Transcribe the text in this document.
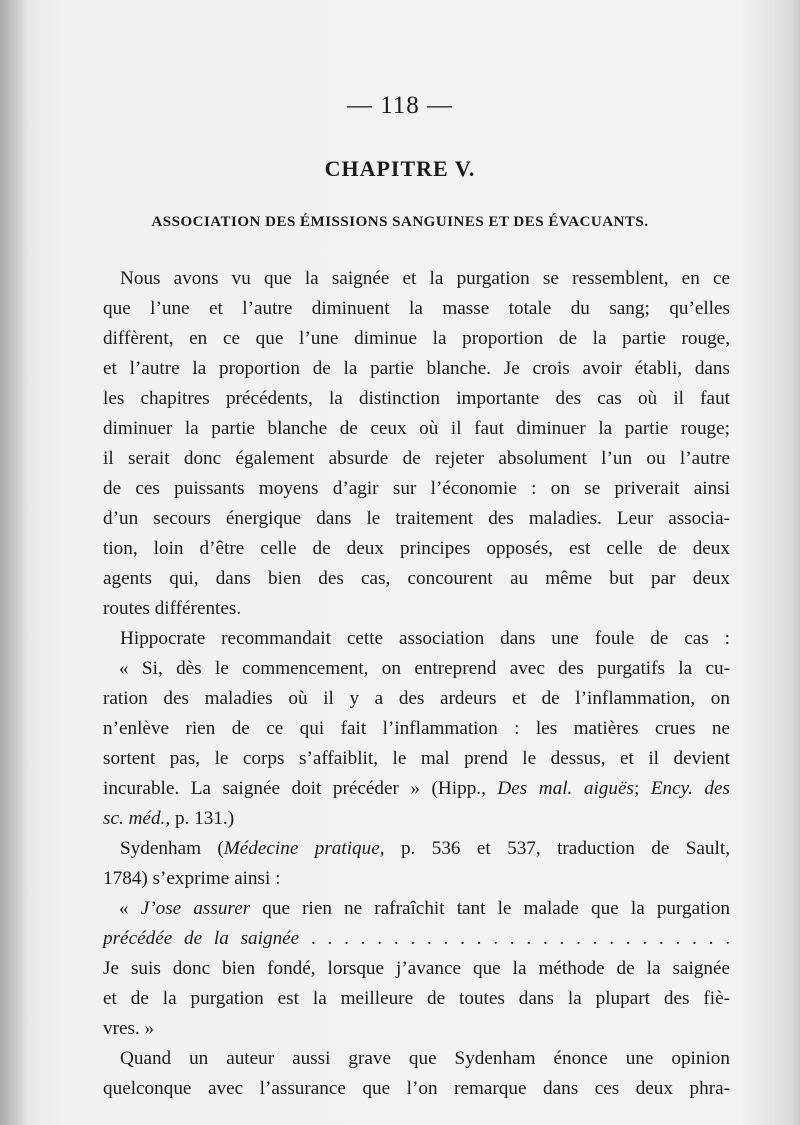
— 118 —
CHAPITRE V.
ASSOCIATION DES ÉMISSIONS SANGUINES ET DES ÉVACUANTS.
Nous avons vu que la saignée et la purgation se ressemblent, en ce
que l’une et l’autre diminuent la masse totale du sang; qu’elles
diffèrent, en ce que l’une diminue la proportion de la partie rouge,
et l’autre la proportion de la partie blanche. Je crois avoir établi, dans
les chapitres précédents, la distinction importante des cas où il faut
diminuer la partie blanche de ceux où il faut diminuer la partie rouge;
il serait donc également absurde de rejeter absolument l’un ou l’autre
de ces puissants moyens d’agir sur l’économie : on se priverait ainsi
d’un secours énergique dans le traitement des maladies. Leur associa-
tion, loin d’être celle de deux principes opposés, est celle de deux
agents qui, dans bien des cas, concourent au même but par deux
routes différentes.
Hippocrate recommandait cette association dans une foule de cas :
« Si, dès le commencement, on entreprend avec des purgatifs la cu-
ration des maladies où il y a des ardeurs et de l’inflammation, on
n’enlève rien de ce qui fait l’inflammation : les matières crues ne
sortent pas, le corps s’affaiblit, le mal prend le dessus, et il devient
incurable. La saignée doit précéder » (Hipp., Des mal. aiguës; Ency. des
sc. méd., p. 131.)
Sydenham (Médecine pratique, p. 536 et 537, traduction de Sault,
1784) s’exprime ainsi :
« J’ose assurer que rien ne rafraîchit tant le malade que la purgation
précédée de la saignée . . . . . . . . . . . . . . . . . . . . . . . . . .
Je suis donc bien fondé, lorsque j’avance que la méthode de la saignée
et de la purgation est la meilleure de toutes dans la plupart des fiè-
vres. »
Quand un auteur aussi grave que Sydenham énonce une opinion
quelconque avec l’assurance que l’on remarque dans ces deux phra-
